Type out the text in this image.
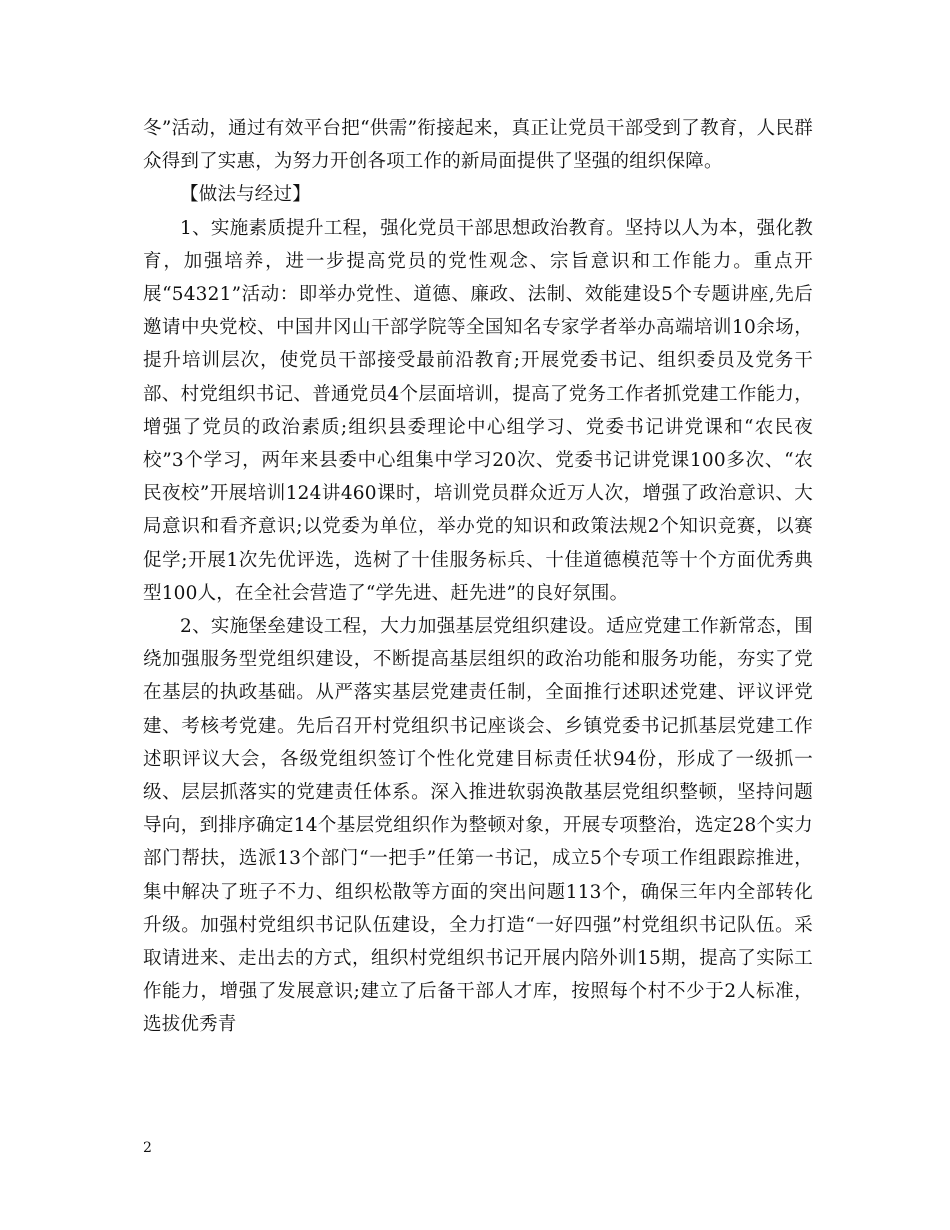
冬”活动，通过有效平台把“供需”衔接起来，真正让党员干部受到了教育，人民群众得到了实惠，为努力开创各项工作的新局面提供了坚强的组织保障。

【做法与经过】

1、实施素质提升工程，强化党员干部思想政治教育。坚持以人为本，强化教育，加强培养，进一步提高党员的党性观念、宗旨意识和工作能力。重点开展“54321”活动：即举办党性、道德、廉政、法制、效能建设5个专题讲座,先后邀请中央党校、中国井冈山干部学院等全国知名专家学者举办高端培训10余场，提升培训层次，使党员干部接受最前沿教育;开展党委书记、组织委员及党务干部、村党组织书记、普通党员4个层面培训，提高了党务工作者抓党建工作能力，增强了党员的政治素质;组织县委理论中心组学习、党委书记讲党课和“农民夜校”3个学习，两年来县委中心组集中学习20次、党委书记讲党课100多次、“农民夜校”开展培训124讲460课时，培训党员群众近万人次，增强了政治意识、大局意识和看齐意识;以党委为单位，举办党的知识和政策法规2个知识竞赛，以赛促学;开展1次先优评选，选树了十佳服务标兵、十佳道德模范等十个方面优秀典型100人，在全社会营造了“学先进、赶先进”的良好氛围。

2、实施堡垒建设工程，大力加强基层党组织建设。适应党建工作新常态，围绕加强服务型党组织建设，不断提高基层组织的政治功能和服务功能，夯实了党在基层的执政基础。从严落实基层党建责任制，全面推行述职述党建、评议评党建、考核考党建。先后召开村党组织书记座谈会、乡镇党委书记抓基层党建工作述职评议大会，各级党组织签订个性化党建目标责任状94份，形成了一级抓一级、层层抓落实的党建责任体系。深入推进软弱涣散基层党组织整顿，坚持问题导向，到排序确定14个基层党组织作为整顿对象，开展专项整治，选定28个实力部门帮扶，选派13个部门“一把手”任第一书记，成立5个专项工作组跟踪推进，集中解决了班子不力、组织松散等方面的突出问题113个，确保三年内全部转化升级。加强村党组织书记队伍建设，全力打造“一好四强”村党组织书记队伍。采取请进来、走出去的方式，组织村党组织书记开展内陪外训15期，提高了实际工作能力，增强了发展意识;建立了后备干部人才库，按照每个村不少于2人标准，选拔优秀青

2
